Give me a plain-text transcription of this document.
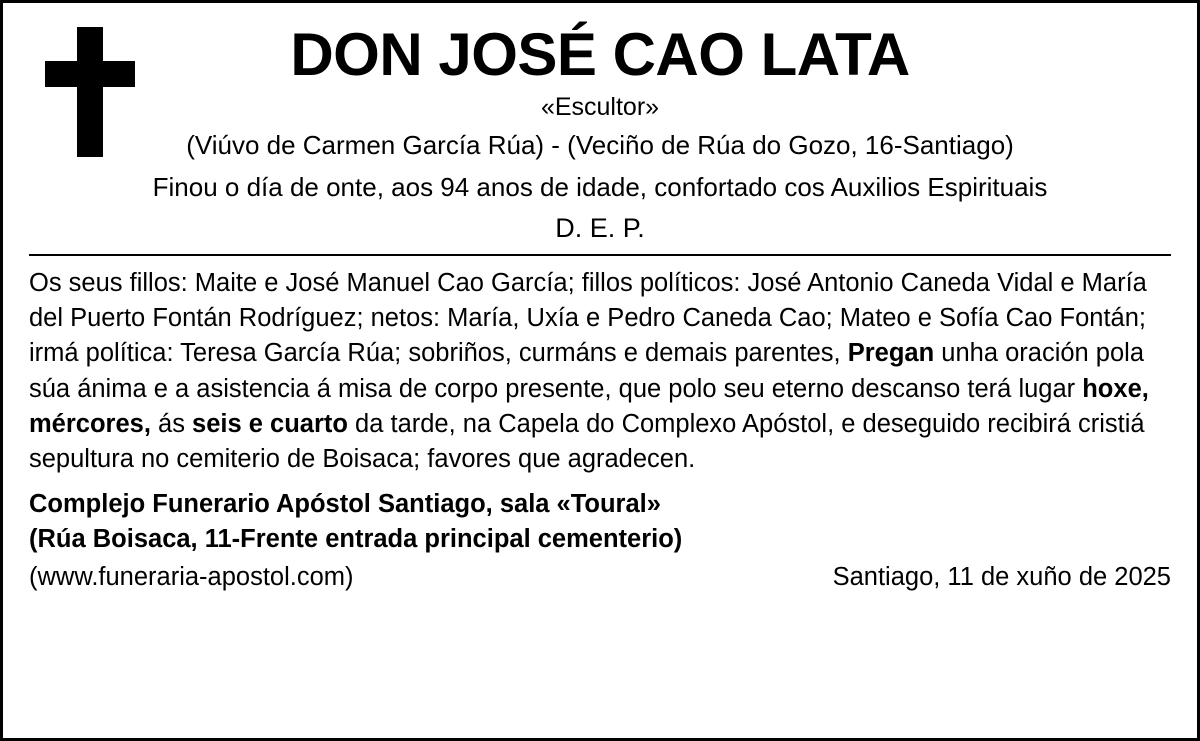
DON JOSÉ CAO LATA
«Escultor»
(Viúvo de Carmen García Rúa) - (Veciño de Rúa do Gozo, 16-Santiago)
Finou o día de onte, aos 94 anos de idade, confortado cos Auxilios Espirituais
D. E. P.

Os seus fillos: Maite e José Manuel Cao García; fillos políticos: José Antonio Caneda Vidal e María del Puerto Fontán Rodríguez; netos: María, Uxía e Pedro Caneda Cao; Mateo e Sofía Cao Fontán; irmá política: Teresa García Rúa; sobriños, curmáns e demais parentes, Pregan unha oración pola súa ánima e a asistencia á misa de corpo presente, que polo seu eterno descanso terá lugar hoxe, mércores, ás seis e cuarto da tarde, na Capela do Complexo Apóstol, e deseguido recibirá cristiá sepultura no cemiterio de Boisaca; favores que agradecen.

Complejo Funerario Apóstol Santiago, sala «Toural»
(Rúa Boisaca, 11-Frente entrada principal cementerio)
(www.funeraria-apostol.com)	Santiago, 11 de xuño de 2025
